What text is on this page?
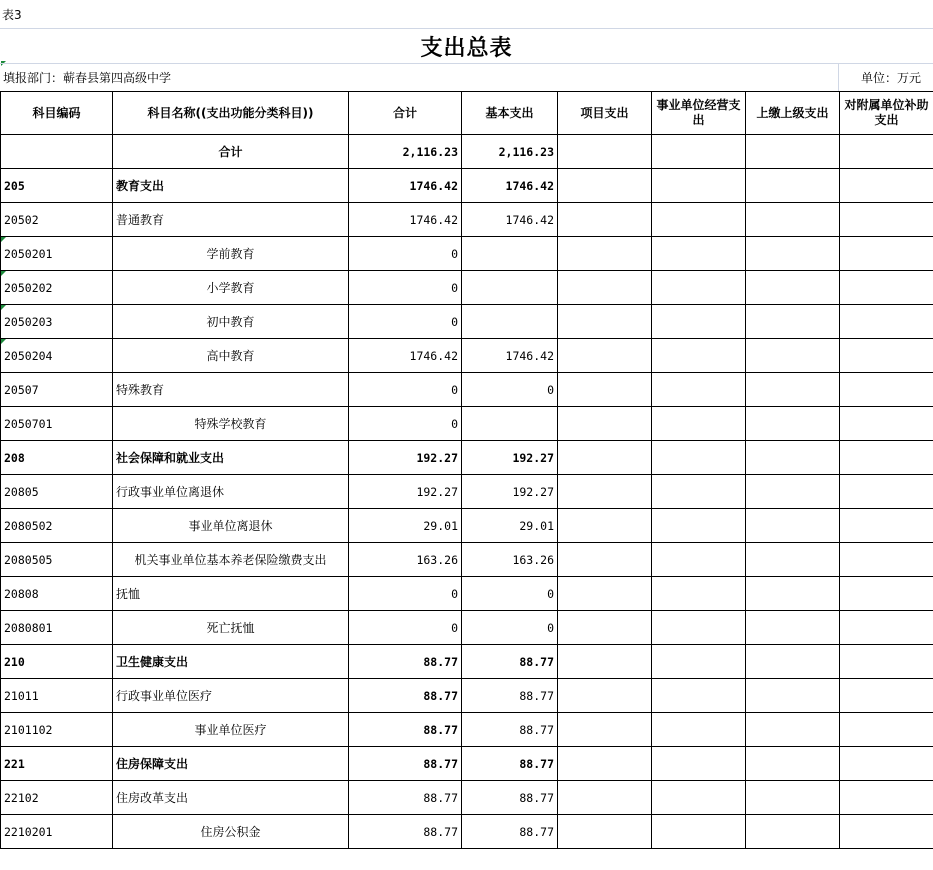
表3
支出总表
填报部门：蕲春县第四高级中学	单位：万元
科目编码	科目名称((支出功能分类科目))	合计	基本支出	项目支出	事业单位经营支出	上缴上级支出	对附属单位补助支出
	合计	2,116.23	2,116.23				
205	教育支出	1746.42	1746.42				
20502	普通教育	1746.42	1746.42				
2050201	学前教育	0					
2050202	小学教育	0					
2050203	初中教育	0					
2050204	高中教育	1746.42	1746.42				
20507	特殊教育	0	0				
2050701	特殊学校教育	0					
208	社会保障和就业支出	192.27	192.27				
20805	行政事业单位离退休	192.27	192.27				
2080502	事业单位离退休	29.01	29.01				
2080505	机关事业单位基本养老保险缴费支出	163.26	163.26				
20808	抚恤	0	0				
2080801	死亡抚恤	0	0				
210	卫生健康支出	88.77	88.77				
21011	行政事业单位医疗	88.77	88.77				
2101102	事业单位医疗	88.77	88.77				
221	住房保障支出	88.77	88.77				
22102	住房改革支出	88.77	88.77				
2210201	住房公积金	88.77	88.77				
